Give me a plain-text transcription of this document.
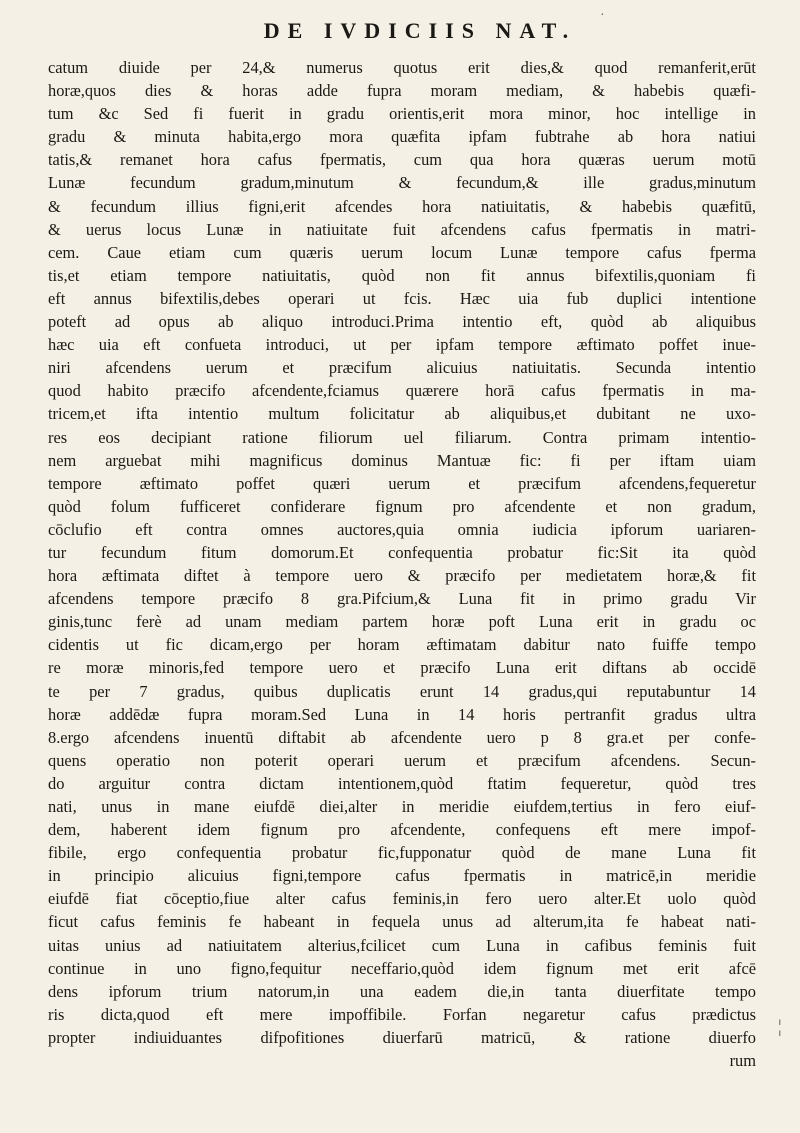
·
DE IVDICIIS NAT.
catum diuide per 24,& numerus quotus erit dies,& quod remanferit,erūt
horæ,quos dies & horas adde fupra moram mediam, & habebis quæfi-
tum &c Sed fi fuerit in gradu orientis,erit mora minor, hoc intellige in
gradu & minuta habita,ergo mora quæfita ipfam fubtrahe ab hora natiui
tatis,& remanet hora cafus fpermatis, cum qua hora quæras uerum motū
Lunæ fecundum gradum,minutum & fecundum,& ille gradus,minutum
& fecundum illius figni,erit afcendes hora natiuitatis, & habebis quæfitū,
& uerus locus Lunæ in natiuitate fuit afcendens cafus fpermatis in matri-
cem. Caue etiam cum quæris uerum locum Lunæ tempore cafus fperma
tis,et etiam tempore natiuitatis, quòd non fit annus bifextilis,quoniam fi
eft annus bifextilis,debes operari ut fcis. Hæc uia fub duplici intentione
poteft ad opus ab aliquo introduci.Prima intentio eft, quòd ab aliquibus
hæc uia eft confueta introduci, ut per ipfam tempore æftimato poffet inue-
niri afcendens uerum et præcifum alicuius natiuitatis. Secunda intentio
quod habito præcifo afcendente,fciamus quærere horā cafus fpermatis in ma-
tricem,et ifta intentio multum folicitatur ab aliquibus,et dubitant ne uxo-
res eos decipiant ratione filiorum uel filiarum. Contra primam intentio-
nem arguebat mihi magnificus dominus Mantuæ fic: fi per iftam uiam
tempore æftimato poffet quæri uerum et præcifum afcendens,fequeretur
quòd folum fufficeret confiderare fignum pro afcendente et non gradum,
cōclufio eft contra omnes auctores,quia omnia iudicia ipforum uariaren-
tur fecundum fitum domorum.Et confequentia probatur fic:Sit ita quòd
hora æftimata diftet à tempore uero & præcifo per medietatem horæ,& fit
afcendens tempore præcifo 8 gra.Pifcium,& Luna fit in primo gradu Vir
ginis,tunc ferè ad unam mediam partem horæ poft Luna erit in gradu oc
cidentis ut fic dicam,ergo per horam æftimatam dabitur nato fuiffe tempo
re moræ minoris,fed tempore uero et præcifo Luna erit diftans ab occidē
te per 7 gradus, quibus duplicatis erunt 14 gradus,qui reputabuntur 14
horæ addēdæ fupra moram.Sed Luna in 14 horis pertranfit gradus ultra
8.ergo afcendens inuentū diftabit ab afcendente uero p 8 gra.et per confe-
quens operatio non poterit operari uerum et præcifum afcendens. Secun-
do arguitur contra dictam intentionem,quòd ftatim fequeretur, quòd tres
nati, unus in mane eiufdē diei,alter in meridie eiufdem,tertius in fero eiuf-
dem, haberent idem fignum pro afcendente, confequens eft mere impof-
fibile, ergo confequentia probatur fic,fupponatur quòd de mane Luna fit
in principio alicuius figni,tempore cafus fpermatis in matricē,in meridie
eiufdē fiat cōceptio,fiue alter cafus feminis,in fero uero alter.Et uolo quòd
ficut cafus feminis fe habeant in fequela unus ad alterum,ita fe habeat nati-
uitas unius ad natiuitatem alterius,fcilicet cum Luna in cafibus feminis fuit
continue in uno figno,fequitur neceffario,quòd idem fignum met erit afcē
dens ipforum trium natorum,in una eadem die,in tanta diuerfitate tempo
ris dicta,quod eft mere impoffibile. Forfan negaretur cafus prædictus
propter indiuiduantes difpofitiones diuerfarū matricū, & ratione diuerfo
rum
¦
